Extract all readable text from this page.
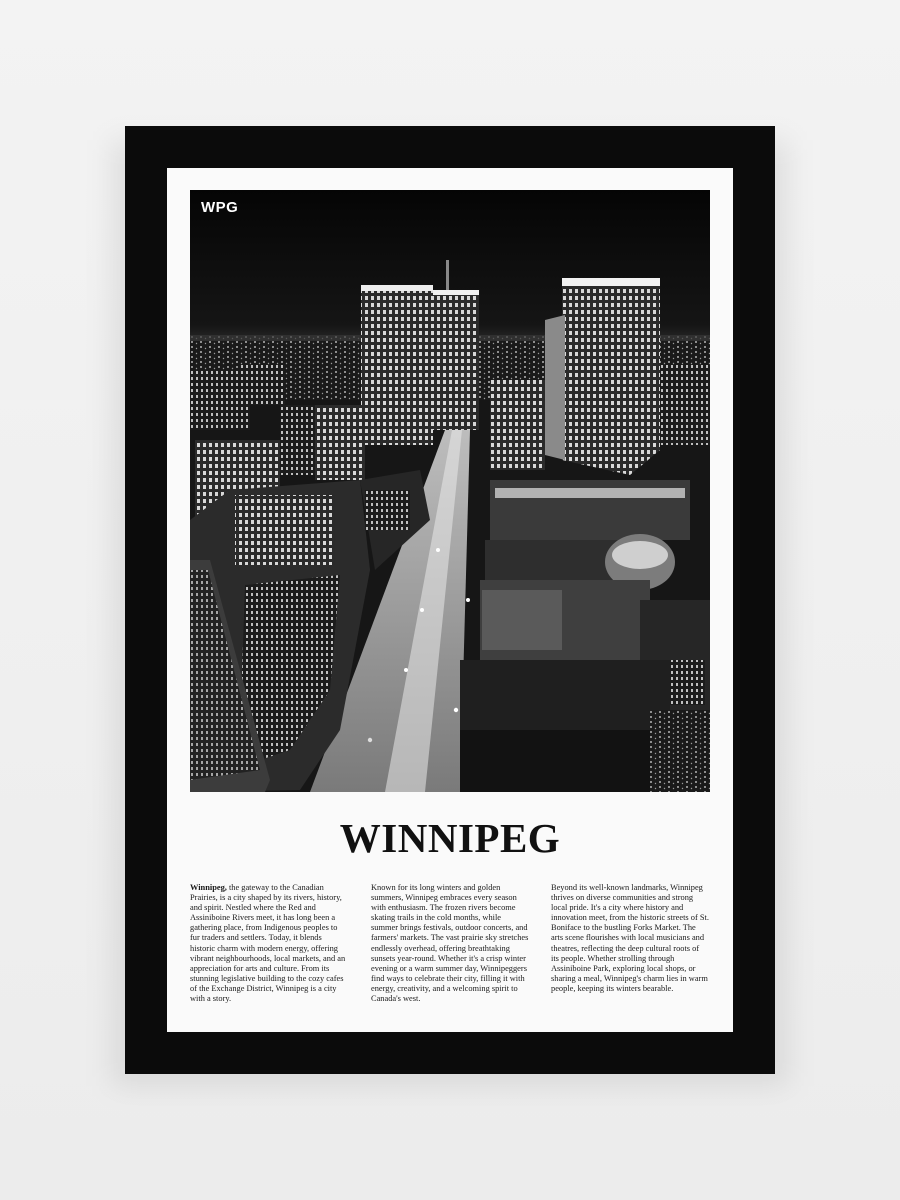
WPG
WINNIPEG
Winnipeg, the gateway to the Canadian Prairies, is a city shaped by its rivers, history, and spirit. Nestled where the Red and Assiniboine Rivers meet, it has long been a gathering place, from Indigenous peoples to fur traders and settlers. Today, it blends historic charm with modern energy, offering vibrant neighbourhoods, local markets, and an appreciation for arts and culture. From its stunning legislative building to the cozy cafes of the Exchange District, Winnipeg is a city with a story.
Known for its long winters and golden summers, Winnipeg embraces every season with enthusiasm. The frozen rivers become skating trails in the cold months, while summer brings festivals, outdoor concerts, and farmers' markets. The vast prairie sky stretches endlessly overhead, offering breathtaking sunsets year-round. Whether it's a crisp winter evening or a warm summer day, Winnipeggers find ways to celebrate their city, filling it with energy, creativity, and a welcoming spirit to Canada's west.
Beyond its well-known landmarks, Winnipeg thrives on diverse communities and strong local pride. It's a city where history and innovation meet, from the historic streets of St. Boniface to the bustling Forks Market. The arts scene flourishes with local musicians and theatres, reflecting the deep cultural roots of its people. Whether strolling through Assiniboine Park, exploring local shops, or sharing a meal, Winnipeg's charm lies in warm people, keeping its winters bearable.
